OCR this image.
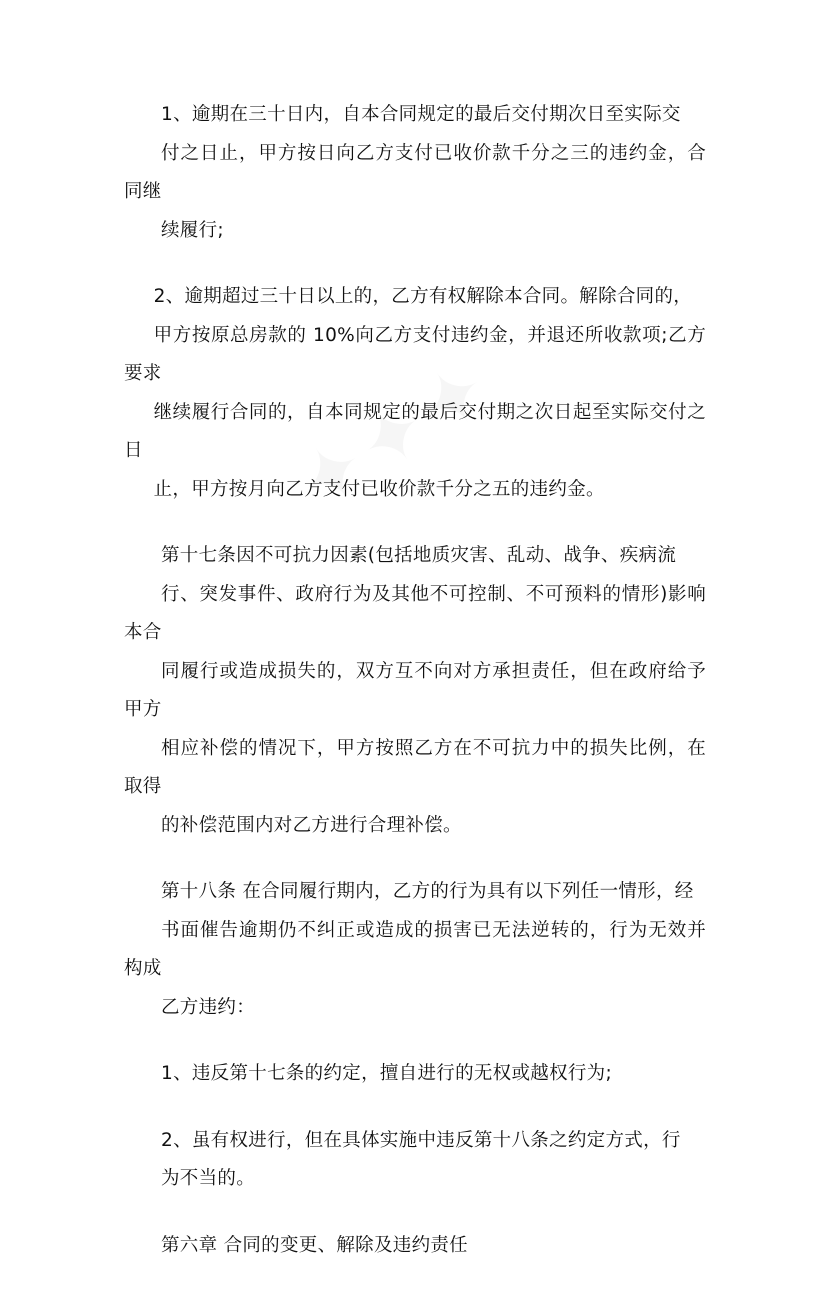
1、逾期在三十日内，自本合同规定的最后交付期次日至实际交
付之日止，甲方按日向乙方支付已收价款千分之三的违约金，合同继
续履行;

2、逾期超过三十日以上的，乙方有权解除本合同。解除合同的，
甲方按原总房款的 10%向乙方支付违约金，并退还所收款项;乙方要求
继续履行合同的，自本同规定的最后交付期之次日起至实际交付之日
止，甲方按月向乙方支付已收价款千分之五的违约金。

第十七条因不可抗力因素(包括地质灾害、乱动、战争、疾病流
行、突发事件、政府行为及其他不可控制、不可预料的情形)影响本合
同履行或造成损失的，双方互不向对方承担责任，但在政府给予甲方
相应补偿的情况下，甲方按照乙方在不可抗力中的损失比例，在取得
的补偿范围内对乙方进行合理补偿。

第十八条 在合同履行期内，乙方的行为具有以下列任一情形，经
书面催告逾期仍不纠正或造成的损害已无法逆转的，行为无效并构成
乙方违约：

1、违反第十七条的约定，擅自进行的无权或越权行为;

2、虽有权进行，但在具体实施中违反第十八条之约定方式，行
为不当的。

第六章 合同的变更、解除及违约责任
